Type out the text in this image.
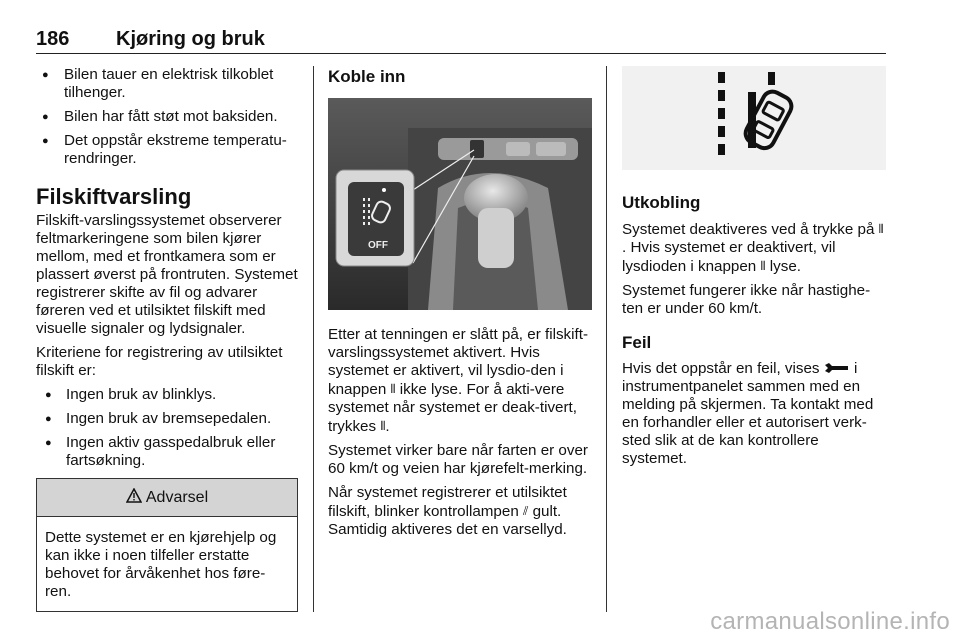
186 Kjøring og bruk
● Bilen tauer en elektrisk tilkoblet tilhenger.
● Bilen har fått støt mot baksiden.
● Det oppstår ekstreme temperatu-rendringer.
Filskiftvarsling

Filskift-varslingssystemet observerer feltmarkeringene som bilen kjører mellom, med et frontkamera som er plassert øverst på frontruten. Systemet registrerer skifte av fil og advarer føreren ved et utilsiktet filskift med visuelle signaler og lydsignaler.

Kriteriene for registrering av utilsiktet filskift er:

● Ingen bruk av blinklys.
● Ingen bruk av bremsepedalen.
● Ingen aktiv gasspedalbruk eller fartsøkning.
Advarsel
Dette systemet er en kjørehjelp og kan ikke i noen tilfeller erstatte behovet for årvåkenhet hos føre-ren.
Koble inn
OFF

Etter at tenningen er slått på, er filskift-varslingssystemet aktivert. Hvis systemet er aktivert, vil lysdio-den i knappen ⫴ ikke lyse. For å akti-vere systemet når systemet er deak-tivert, trykkes ⫴.

Systemet virker bare når farten er over 60 km/t og veien har kjørefelt-merking.

Når systemet registrerer et utilsiktet filskift, blinker kontrollampen ⫽ gult. Samtidig aktiveres det en varsellyd.

Utkobling

Systemet deaktiveres ved å trykke på ⫴. Hvis systemet er deaktivert, vil lysdioden i knappen ⫴ lyse.

Systemet fungerer ikke når hastighe-ten er under 60 km/t.

Feil

Hvis det oppstår en feil, vises  i instrumentpanelet sammen med en melding på skjermen. Ta kontakt med en forhandler eller et autorisert verk-sted slik at de kan kontrollere systemet.

carmanualsonline.info
